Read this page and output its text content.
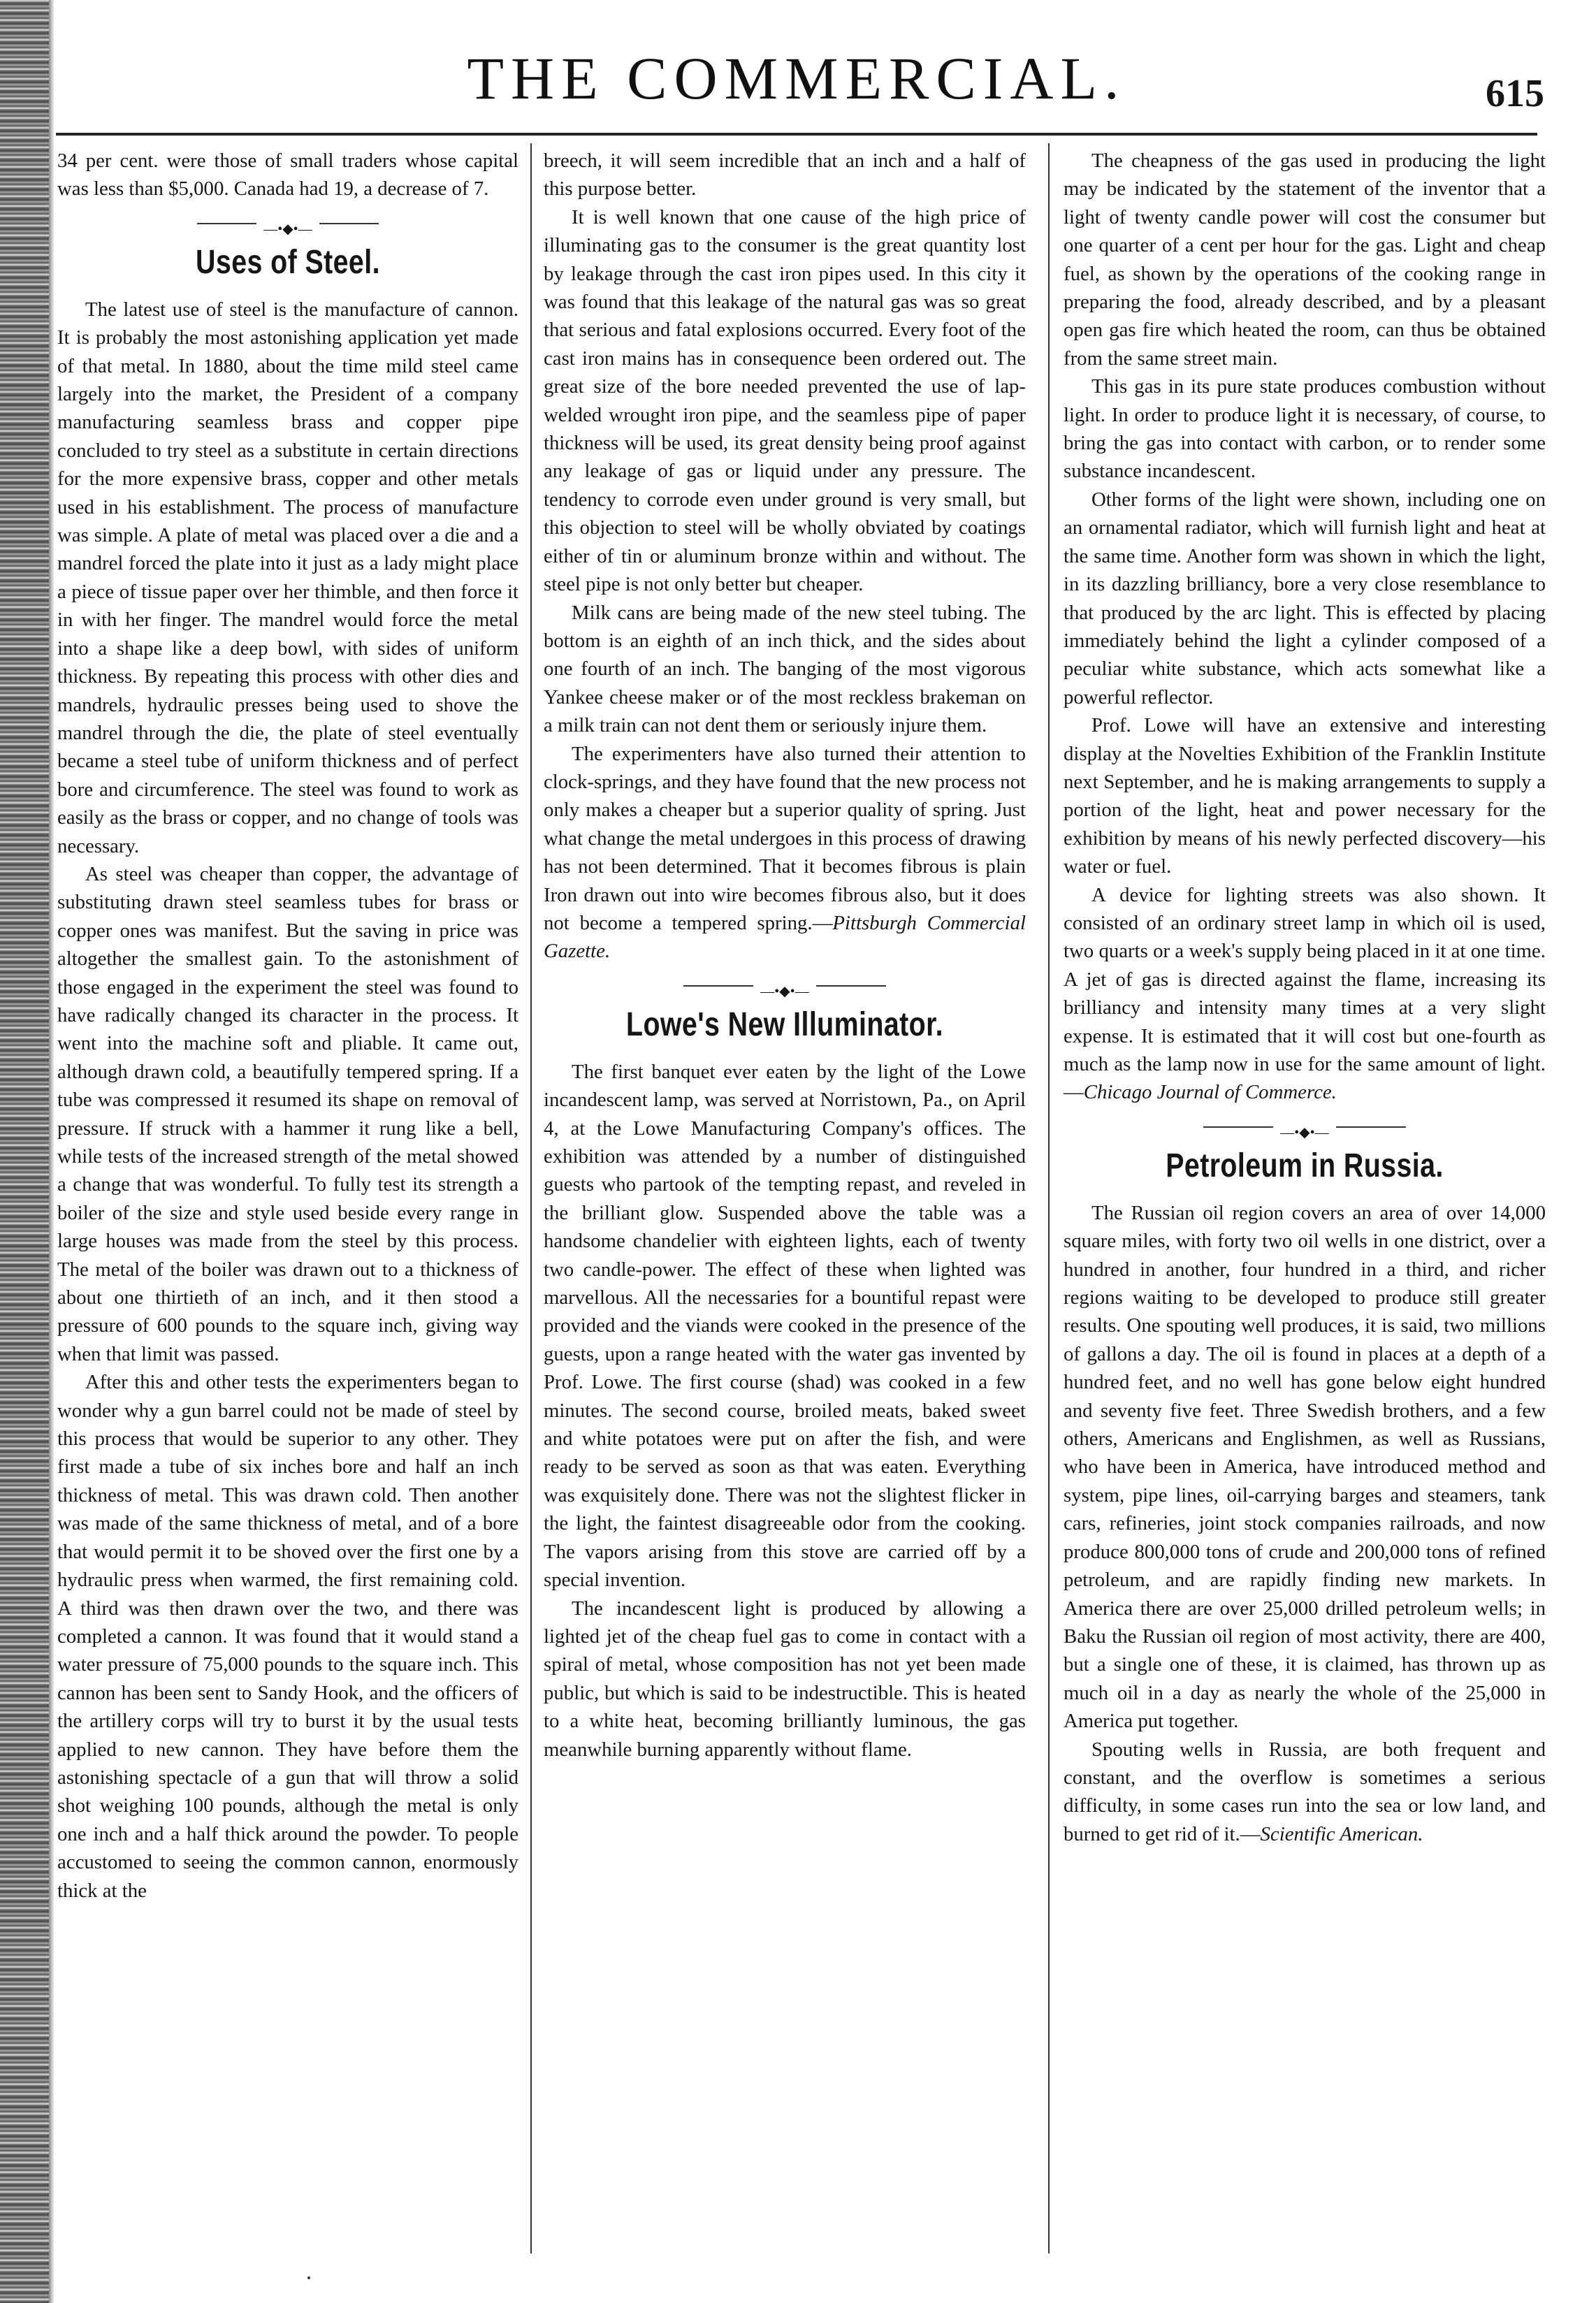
THE COMMERCIAL.	615

34 per cent. were those of small traders whose capital was less than $5,000. Canada had 19, a decrease of 7.

—•◆•—
Uses of Steel.

The latest use of steel is the manufacture of cannon. It is probably the most astonishing application yet made of that metal. In 1880, about the time mild steel came largely into the market, the President of a company manufacturing seamless brass and copper pipe concluded to try steel as a substitute in certain directions for the more expensive brass, copper and other metals used in his establishment. The process of manufacture was simple. A plate of metal was placed over a die and a mandrel forced the plate into it just as a lady might place a piece of tissue paper over her thimble, and then force it in with her finger. The mandrel would force the metal into a shape like a deep bowl, with sides of uniform thickness. By repeating this process with other dies and mandrels, hydraulic presses being used to shove the mandrel through the die, the plate of steel eventually became a steel tube of uniform thickness and of perfect bore and circumference. The steel was found to work as easily as the brass or copper, and no change of tools was necessary.

As steel was cheaper than copper, the advantage of substituting drawn steel seamless tubes for brass or copper ones was manifest. But the saving in price was altogether the smallest gain. To the astonishment of those engaged in the experiment the steel was found to have radically changed its character in the process. It went into the machine soft and pliable. It came out, although drawn cold, a beautifully tempered spring. If a tube was compressed it resumed its shape on removal of pressure. If struck with a hammer it rung like a bell, while tests of the increased strength of the metal showed a change that was wonderful. To fully test its strength a boiler of the size and style used beside every range in large houses was made from the steel by this process. The metal of the boiler was drawn out to a thickness of about one thirtieth of an inch, and it then stood a pressure of 600 pounds to the square inch, giving way when that limit was passed.

After this and other tests the experimenters began to wonder why a gun barrel could not be made of steel by this process that would be superior to any other. They first made a tube of six inches bore and half an inch thickness of metal. This was drawn cold. Then another was made of the same thickness of metal, and of a bore that would permit it to be shoved over the first one by a hydraulic press when warmed, the first remaining cold. A third was then drawn over the two, and there was completed a cannon. It was found that it would stand a water pressure of 75,000 pounds to the square inch. This cannon has been sent to Sandy Hook, and the officers of the artillery corps will try to burst it by the usual tests applied to new cannon. They have before them the astonishing spectacle of a gun that will throw a solid shot weighing 100 pounds, although the metal is only one inch and a half thick around the powder. To people accustomed to seeing the common cannon, enormously thick at the

breech, it will seem incredible that an inch and a half of this purpose better.

It is well known that one cause of the high price of illuminating gas to the consumer is the great quantity lost by leakage through the cast iron pipes used. In this city it was found that this leakage of the natural gas was so great that serious and fatal explosions occurred. Every foot of the cast iron mains has in consequence been ordered out. The great size of the bore needed prevented the use of lap-welded wrought iron pipe, and the seamless pipe of paper thickness will be used, its great density being proof against any leakage of gas or liquid under any pressure. The tendency to corrode even under ground is very small, but this objection to steel will be wholly obviated by coatings either of tin or aluminum bronze within and without. The steel pipe is not only better but cheaper.

Milk cans are being made of the new steel tubing. The bottom is an eighth of an inch thick, and the sides about one fourth of an inch. The banging of the most vigorous Yankee cheese maker or of the most reckless brakeman on a milk train can not dent them or seriously injure them.

The experimenters have also turned their attention to clock-springs, and they have found that the new process not only makes a cheaper but a superior quality of spring. Just what change the metal undergoes in this process of drawing has not been determined. That it becomes fibrous is plain Iron drawn out into wire becomes fibrous also, but it does not become a tempered spring.—Pittsburgh Commercial Gazette.

—•◆•—
Lowe's New Illuminator.

The first banquet ever eaten by the light of the Lowe incandescent lamp, was served at Norristown, Pa., on April 4, at the Lowe Manufacturing Company's offices. The exhibition was attended by a number of distinguished guests who partook of the tempting repast, and reveled in the brilliant glow. Suspended above the table was a handsome chandelier with eighteen lights, each of twenty two candle-power. The effect of these when lighted was marvellous. All the necessaries for a bountiful repast were provided and the viands were cooked in the presence of the guests, upon a range heated with the water gas invented by Prof. Lowe. The first course (shad) was cooked in a few minutes. The second course, broiled meats, baked sweet and white potatoes were put on after the fish, and were ready to be served as soon as that was eaten. Everything was exquisitely done. There was not the slightest flicker in the light, the faintest disagreeable odor from the cooking. The vapors arising from this stove are carried off by a special invention.

The incandescent light is produced by allowing a lighted jet of the cheap fuel gas to come in contact with a spiral of metal, whose composition has not yet been made public, but which is said to be indestructible. This is heated to a white heat, becoming brilliantly luminous, the gas meanwhile burning apparently without flame.

The cheapness of the gas used in producing the light may be indicated by the statement of the inventor that a light of twenty candle power will cost the consumer but one quarter of a cent per hour for the gas. Light and cheap fuel, as shown by the operations of the cooking range in preparing the food, already described, and by a pleasant open gas fire which heated the room, can thus be obtained from the same street main.

This gas in its pure state produces combustion without light. In order to produce light it is necessary, of course, to bring the gas into contact with carbon, or to render some substance incandescent.

Other forms of the light were shown, including one on an ornamental radiator, which will furnish light and heat at the same time. Another form was shown in which the light, in its dazzling brilliancy, bore a very close resemblance to that produced by the arc light. This is effected by placing immediately behind the light a cylinder composed of a peculiar white substance, which acts somewhat like a powerful reflector.

Prof. Lowe will have an extensive and interesting display at the Novelties Exhibition of the Franklin Institute next September, and he is making arrangements to supply a portion of the light, heat and power necessary for the exhibition by means of his newly perfected discovery—his water or fuel.

A device for lighting streets was also shown. It consisted of an ordinary street lamp in which oil is used, two quarts or a week's supply being placed in it at one time. A jet of gas is directed against the flame, increasing its brilliancy and intensity many times at a very slight expense. It is estimated that it will cost but one-fourth as much as the lamp now in use for the same amount of light.—Chicago Journal of Commerce.

—•◆•—
Petroleum in Russia.

The Russian oil region covers an area of over 14,000 square miles, with forty two oil wells in one district, over a hundred in another, four hundred in a third, and richer regions waiting to be developed to produce still greater results. One spouting well produces, it is said, two millions of gallons a day. The oil is found in places at a depth of a hundred feet, and no well has gone below eight hundred and seventy five feet. Three Swedish brothers, and a few others, Americans and Englishmen, as well as Russians, who have been in America, have introduced method and system, pipe lines, oil-carrying barges and steamers, tank cars, refineries, joint stock companies railroads, and now produce 800,000 tons of crude and 200,000 tons of refined petroleum, and are rapidly finding new markets. In America there are over 25,000 drilled petroleum wells; in Baku the Russian oil region of most activity, there are 400, but a single one of these, it is claimed, has thrown up as much oil in a day as nearly the whole of the 25,000 in America put together.

Spouting wells in Russia, are both frequent and constant, and the overflow is sometimes a serious difficulty, in some cases run into the sea or low land, and burned to get rid of it.—Scientific American.
